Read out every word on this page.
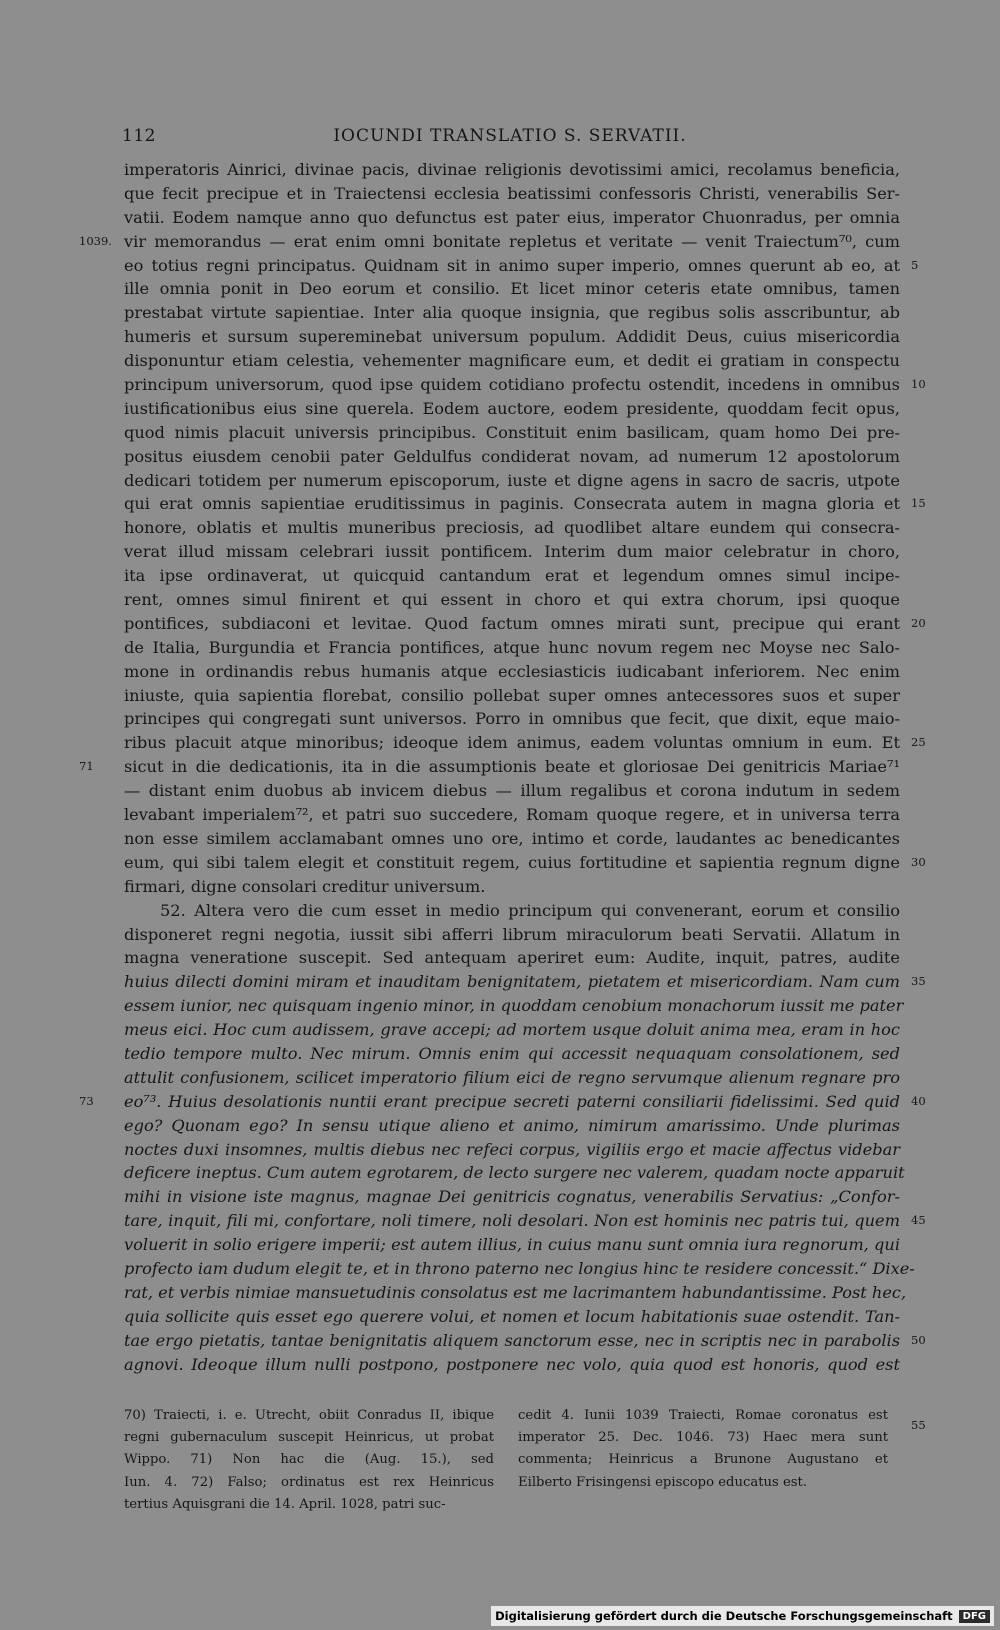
112	IOCUNDI TRANSLATIO S. SERVATII.
imperatoris Ainrici, divinae pacis, divinae religionis devotissimi amici, recolamus beneficia,
que fecit precipue et in Traiectensi ecclesia beatissimi confessoris Christi, venerabilis Ser-
vatii. Eodem namque anno quo defunctus est pater eius, imperator Chuonradus, per omnia
vir memorandus — erat enim omni bonitate repletus et veritate — venit Traiectum⁷⁰, cum
1039.
eo totius regni principatus. Quidnam sit in animo super imperio, omnes querunt ab eo, at 5
ille omnia ponit in Deo eorum et consilio. Et licet minor ceteris etate omnibus, tamen
prestabat virtute sapientiae. Inter alia quoque insignia, que regibus solis asscribuntur, ab
humeris et sursum supereminebat universum populum. Addidit Deus, cuius misericordia
disponuntur etiam celestia, vehementer magnificare eum, et dedit ei gratiam in conspectu
principum universorum, quod ipse quidem cotidiano profectu ostendit, incedens in omnibus 10
iustificationibus eius sine querela. Eodem auctore, eodem presidente, quoddam fecit opus,
quod nimis placuit universis principibus. Constituit enim basilicam, quam homo Dei pre-
positus eiusdem cenobii pater Geldulfus condiderat novam, ad numerum 12 apostolorum
dedicari totidem per numerum episcoporum, iuste et digne agens in sacro de sacris, utpote
qui erat omnis sapientiae eruditissimus in paginis. Consecrata autem in magna gloria et 15
honore, oblatis et multis muneribus preciosis, ad quodlibet altare eundem qui consecra-
verat illud missam celebrari iussit pontificem. Interim dum maior celebratur in choro,
ita ipse ordinaverat, ut quicquid cantandum erat et legendum omnes simul incipe-
rent, omnes simul finirent et qui essent in choro et qui extra chorum, ipsi quoque
pontifices, subdiaconi et levitae. Quod factum omnes mirati sunt, precipue qui erant 20
de Italia, Burgundia et Francia pontifices, atque hunc novum regem nec Moyse nec Salo-
mone in ordinandis rebus humanis atque ecclesiasticis iudicabant inferiorem. Nec enim
iniuste, quia sapientia florebat, consilio pollebat super omnes antecessores suos et super
principes qui congregati sunt universos. Porro in omnibus que fecit, que dixit, eque maio-
ribus placuit atque minoribus; ideoque idem animus, eadem voluntas omnium in eum. Et 25
sicut in die dedicationis, ita in die assumptionis beate et gloriosae Dei genitricis Mariae⁷¹
71
— distant enim duobus ab invicem diebus — illum regalibus et corona indutum in sedem
levabant imperialem⁷², et patri suo succedere, Romam quoque regere, et in universa terra
non esse similem acclamabant omnes uno ore, intimo et corde, laudantes ac benedicantes
eum, qui sibi talem elegit et constituit regem, cuius fortitudine et sapientia regnum digne 30
firmari, digne consolari creditur universum.
52. Altera vero die cum esset in medio principum qui convenerant, eorum et consilio
disponeret regni negotia, iussit sibi afferri librum miraculorum beati Servatii. Allatum in
magna veneratione suscepit. Sed antequam aperiret eum: Audite, inquit, patres, audite
huius dilecti domini miram et inauditam benignitatem, pietatem et misericordiam. Nam cum 35
essem iunior, nec quisquam ingenio minor, in quoddam cenobium monachorum iussit me pater
meus eici. Hoc cum audissem, grave accepi; ad mortem usque doluit anima mea, eram in hoc
tedio tempore multo. Nec mirum. Omnis enim qui accessit nequaquam consolationem, sed
attulit confusionem, scilicet imperatorio filium eici de regno servumque alienum regnare pro
eo⁷³. Huius desolationis nuntii erant precipue secreti paterni consiliarii fidelissimi. Sed quid 40
73
ego? Quonam ego? In sensu utique alieno et animo, nimirum amarissimo. Unde plurimas
noctes duxi insomnes, multis diebus nec refeci corpus, vigiliis ergo et macie affectus videbar
deficere ineptus. Cum autem egrotarem, de lecto surgere nec valerem, quadam nocte apparuit
mihi in visione iste magnus, magnae Dei genitricis cognatus, venerabilis Servatius: „Confor-
tare, inquit, fili mi, confortare, noli timere, noli desolari. Non est hominis nec patris tui, quem 45
voluerit in solio erigere imperii; est autem illius, in cuius manu sunt omnia iura regnorum, qui
profecto iam dudum elegit te, et in throno paterno nec longius hinc te residere concessit.“ Dixe-
rat, et verbis nimiae mansuetudinis consolatus est me lacrimantem habundantissime. Post hec,
quia sollicite quis esset ego querere volui, et nomen et locum habitationis suae ostendit. Tan-
tae ergo pietatis, tantae benignitatis aliquem sanctorum esse, nec in scriptis nec in parabolis 50
agnovi. Ideoque illum nulli postpono, postponere nec volo, quia quod est honoris, quod est
70) Traiecti, i. e. Utrecht, obiit Conradus II, ibique
regni gubernaculum suscepit Heinricus, ut probat
Wippo. 71) Non hac die (Aug. 15.), sed
Iun. 4. 72) Falso; ordinatus est rex Heinricus
tertius Aquisgrani die 14. April. 1028, patri suc-
cedit 4. Iunii 1039 Traiecti, Romae coronatus est
imperator 25. Dec. 1046. 73) Haec mera sunt
commenta; Heinricus a Brunone Augustano et
Eilberto Frisingensi episcopo educatus est.
55
Digitalisierung gefördert durch die Deutsche Forschungsgemeinschaft	DFG
